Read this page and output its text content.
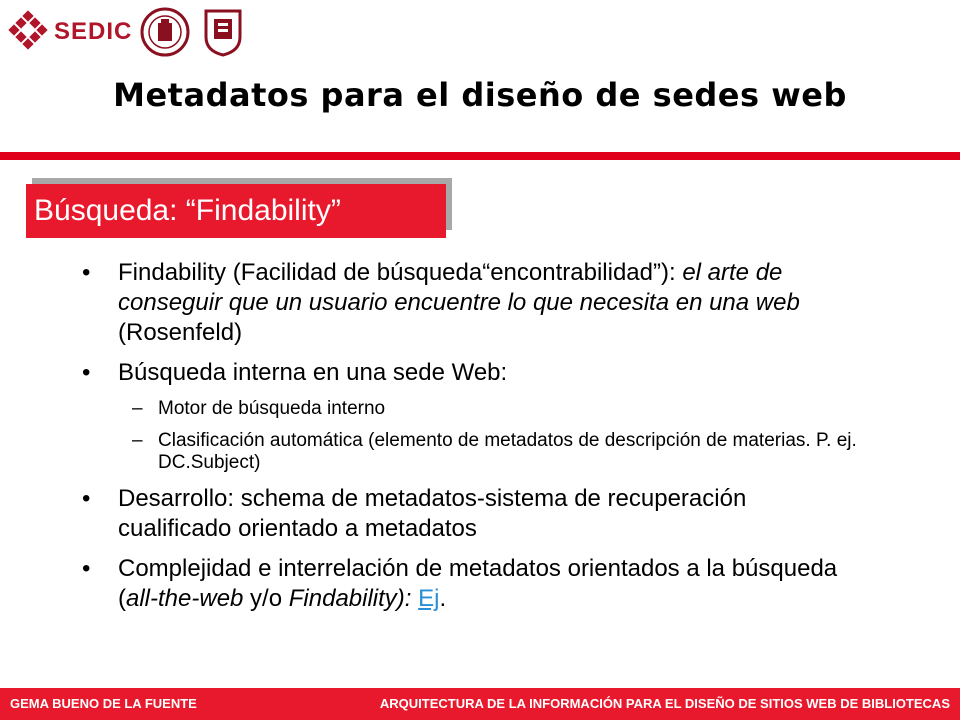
SEDIC
Metadatos para el diseño de sedes web
Búsqueda: “Findability”
• Findability (Facilidad de búsqueda“encontrabilidad”): el arte de conseguir que un usuario encuentre lo que necesita en una web (Rosenfeld)
• Búsqueda interna en una sede Web:
– Motor de búsqueda interno
– Clasificación automática (elemento de metadatos de descripción de materias. P. ej. DC.Subject)
• Desarrollo: schema de metadatos-sistema de recuperación cualificado orientado a metadatos
• Complejidad e interrelación de metadatos orientados a la búsqueda (all-the-web y/o Findability): Ej.
GEMA BUENO DE LA FUENTE	ARQUITECTURA DE LA INFORMACIÓN PARA EL DISEÑO DE SITIOS WEB DE BIBLIOTECAS
